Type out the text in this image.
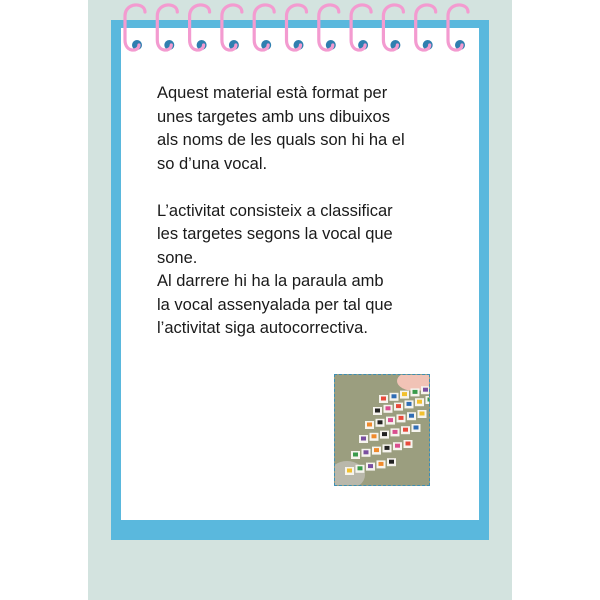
Aquest material està format per
unes targetes amb uns dibuixos
als noms de les quals son hi ha el
so d’una vocal.

L’activitat consisteix a classificar
les targetes segons la vocal que
sone.
Al darrere hi ha la paraula amb
la vocal assenyalada per tal que
l’activitat siga autocorrectiva.
